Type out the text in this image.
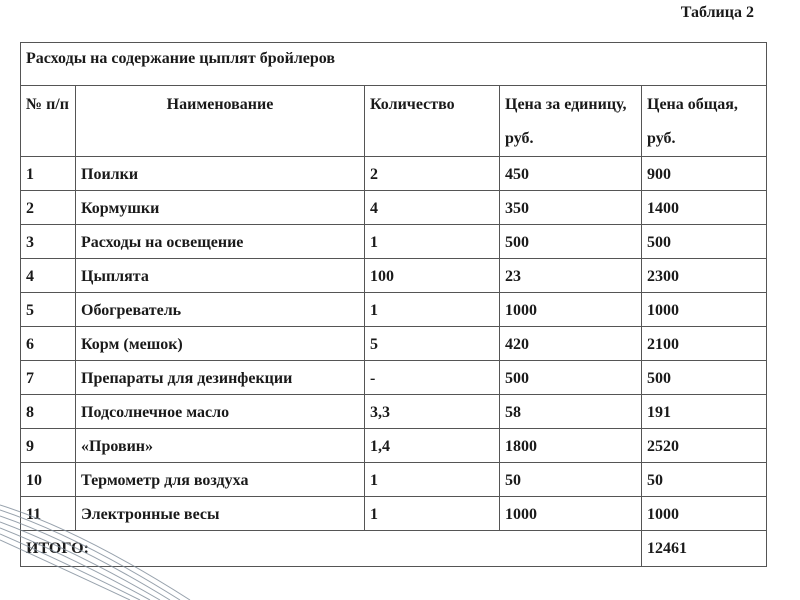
Таблица 2
Расходы на содержание цыплят бройлеров				
№ п/п	Наименование	Количество	Цена за единицу, руб.	Цена общая, руб.
1	Поилки	2	450	900
2	Кормушки	4	350	1400
3	Расходы на освещение	1	500	500
4	Цыплята	100	23	2300
5	Обогреватель	1	1000	1000
6	Корм (мешок)	5	420	2100
7	Препараты для дезинфекции	-	500	500
8	Подсолнечное масло	3,3	58	191
9	«Провин»	1,4	1800	2520
10	Термометр для воздуха	1	50	50
11	Электронные весы	1	1000	1000
ИТОГО:				12461
